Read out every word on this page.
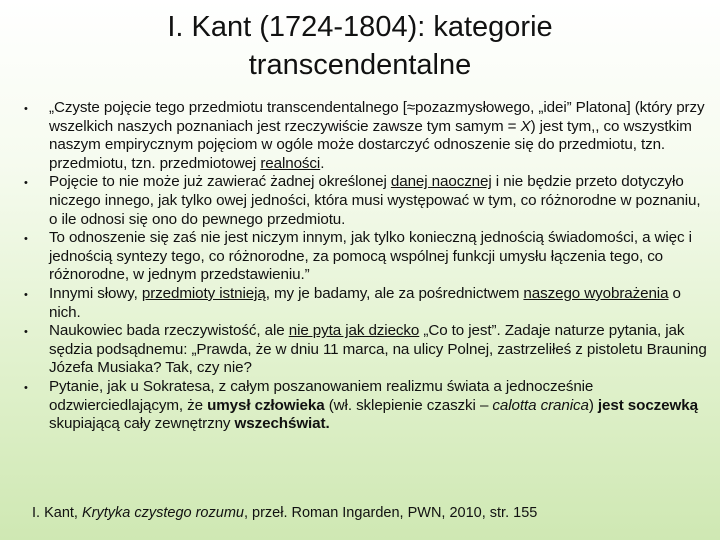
I. Kant (1724-1804): kategorie
transcendentalne
• „Czyste pojęcie tego przedmiotu transcendentalnego [≈pozazmysłowego, „idei” Platona] (który przy wszelkich naszych poznaniach jest rzeczywiście zawsze tym samym = X) jest tym,, co wszystkim naszym empirycznym pojęciom w ogóle może dostarczyć odnoszenie się do przedmiotu, tzn. przedmiotu, tzn. przedmiotowej realności.
• Pojęcie to nie może już zawierać żadnej określonej danej naocznej i nie będzie przeto dotyczyło niczego innego, jak tylko owej jedności, która musi występować w tym, co różnorodne w poznaniu, o ile odnosi się ono do pewnego przedmiotu.
• To odnoszenie się zaś nie jest niczym innym, jak tylko konieczną jednością świadomości, a więc i jednością syntezy tego, co różnorodne, za pomocą wspólnej funkcji umysłu łączenia tego, co różnorodne, w jednym przedstawieniu.”
• Innymi słowy, przedmioty istnieją, my je badamy, ale za pośrednictwem naszego wyobrażenia o nich.
• Naukowiec bada rzeczywistość, ale nie pyta jak dziecko „Co to jest”. Zadaje naturze pytania, jak sędzia podsądnemu: „Prawda, że w dniu 11 marca, na ulicy Polnej, zastrzeliłeś z pistoletu Brauning Józefa Musiaka? Tak, czy nie?
• Pytanie, jak u Sokratesa, z całym poszanowaniem realizmu świata a jednocześnie odzwierciedlającym, że umysł człowieka (wł. sklepienie czaszki – calotta cranica) jest soczewką skupiającą cały zewnętrzny wszechświat.
I. Kant, Krytyka czystego rozumu, przeł. Roman Ingarden, PWN, 2010, str. 155
